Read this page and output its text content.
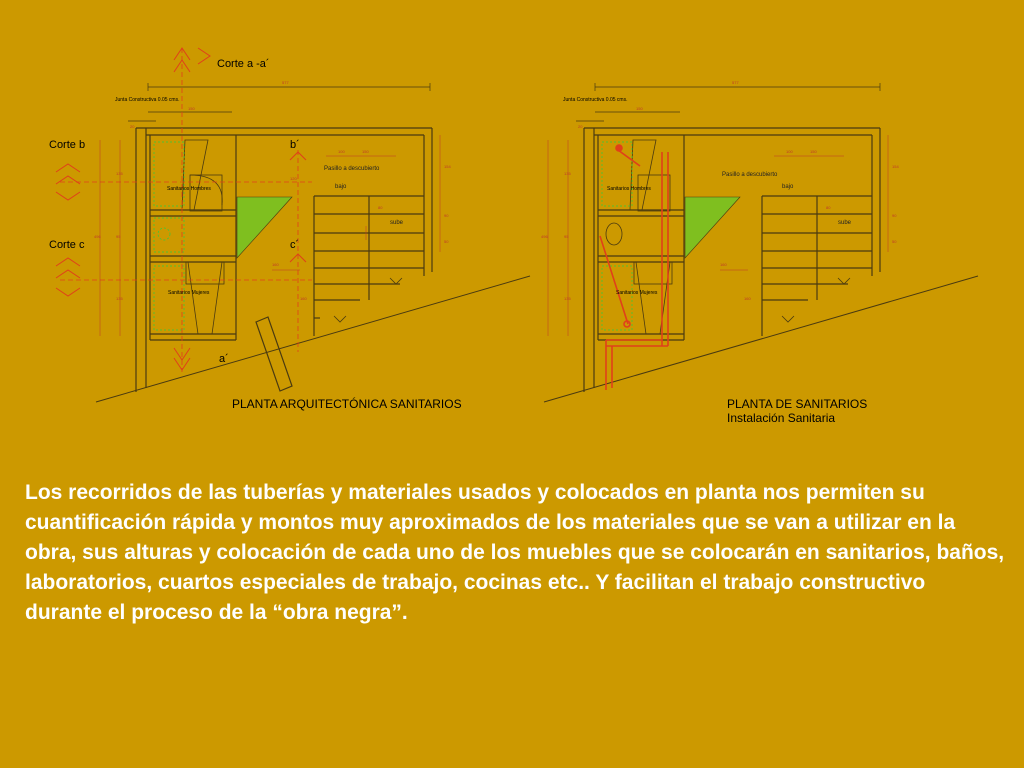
135
95
135
496
154
90
50
100	150
120
80
160
160
577
150
20
Corte a -a´
Corte b
Corte c
b´
c´
a´
Junta Constructiva 0.05 cms.
Sanitarios Hombres
Sanitarios Mujeres
Pasillo a descubierto
bajo
sube
PLANTA ARQUITECTÓNICA SANITARIOS
135
95
135
496
154
90
50
100	150
80
160
160
577
150
20
Junta Constructiva 0.05 cms.
Sanitarios Hombres
Sanitarios Mujeres
Pasillo a descubierto
bajo
sube
PLANTA DE SANITARIOS
Instalación Sanitaria

Los recorridos de las tuberías y materiales usados y colocados en planta nos permiten su cuantificación rápida y montos muy aproximados de los materiales que se van a utilizar en la obra, sus alturas y colocación de cada uno de los muebles que se colocarán en sanitarios, baños, laboratorios, cuartos especiales de trabajo, cocinas etc.. Y facilitan el trabajo constructivo durante el proceso de la “obra negra”.
